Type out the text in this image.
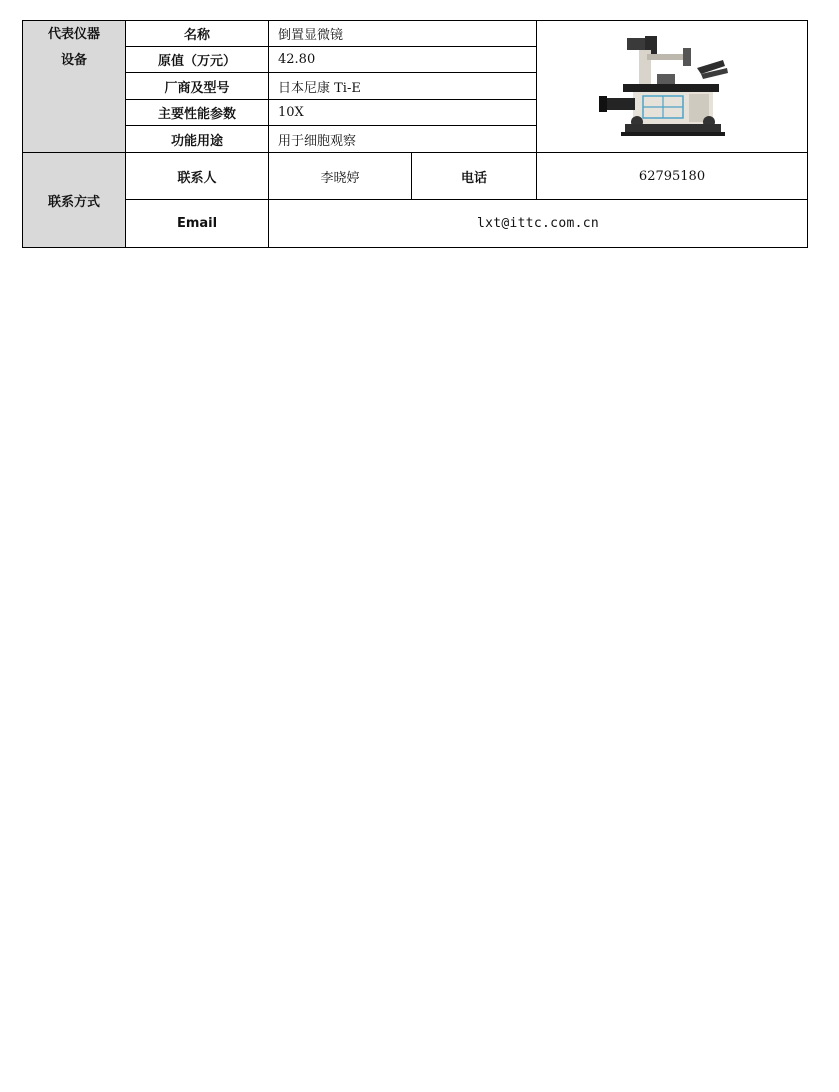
代表仪器
设备	名称	倒置显微镜	

	原值（万元）	42.80		
	厂商及型号	日本尼康 Ti-E		
	主要性能参数	10X		
	功能用途	用于细胞观察		
联系方式	联系人	李晓婷	电话	62795180
	Email	lxt@ittc.com.cn		
